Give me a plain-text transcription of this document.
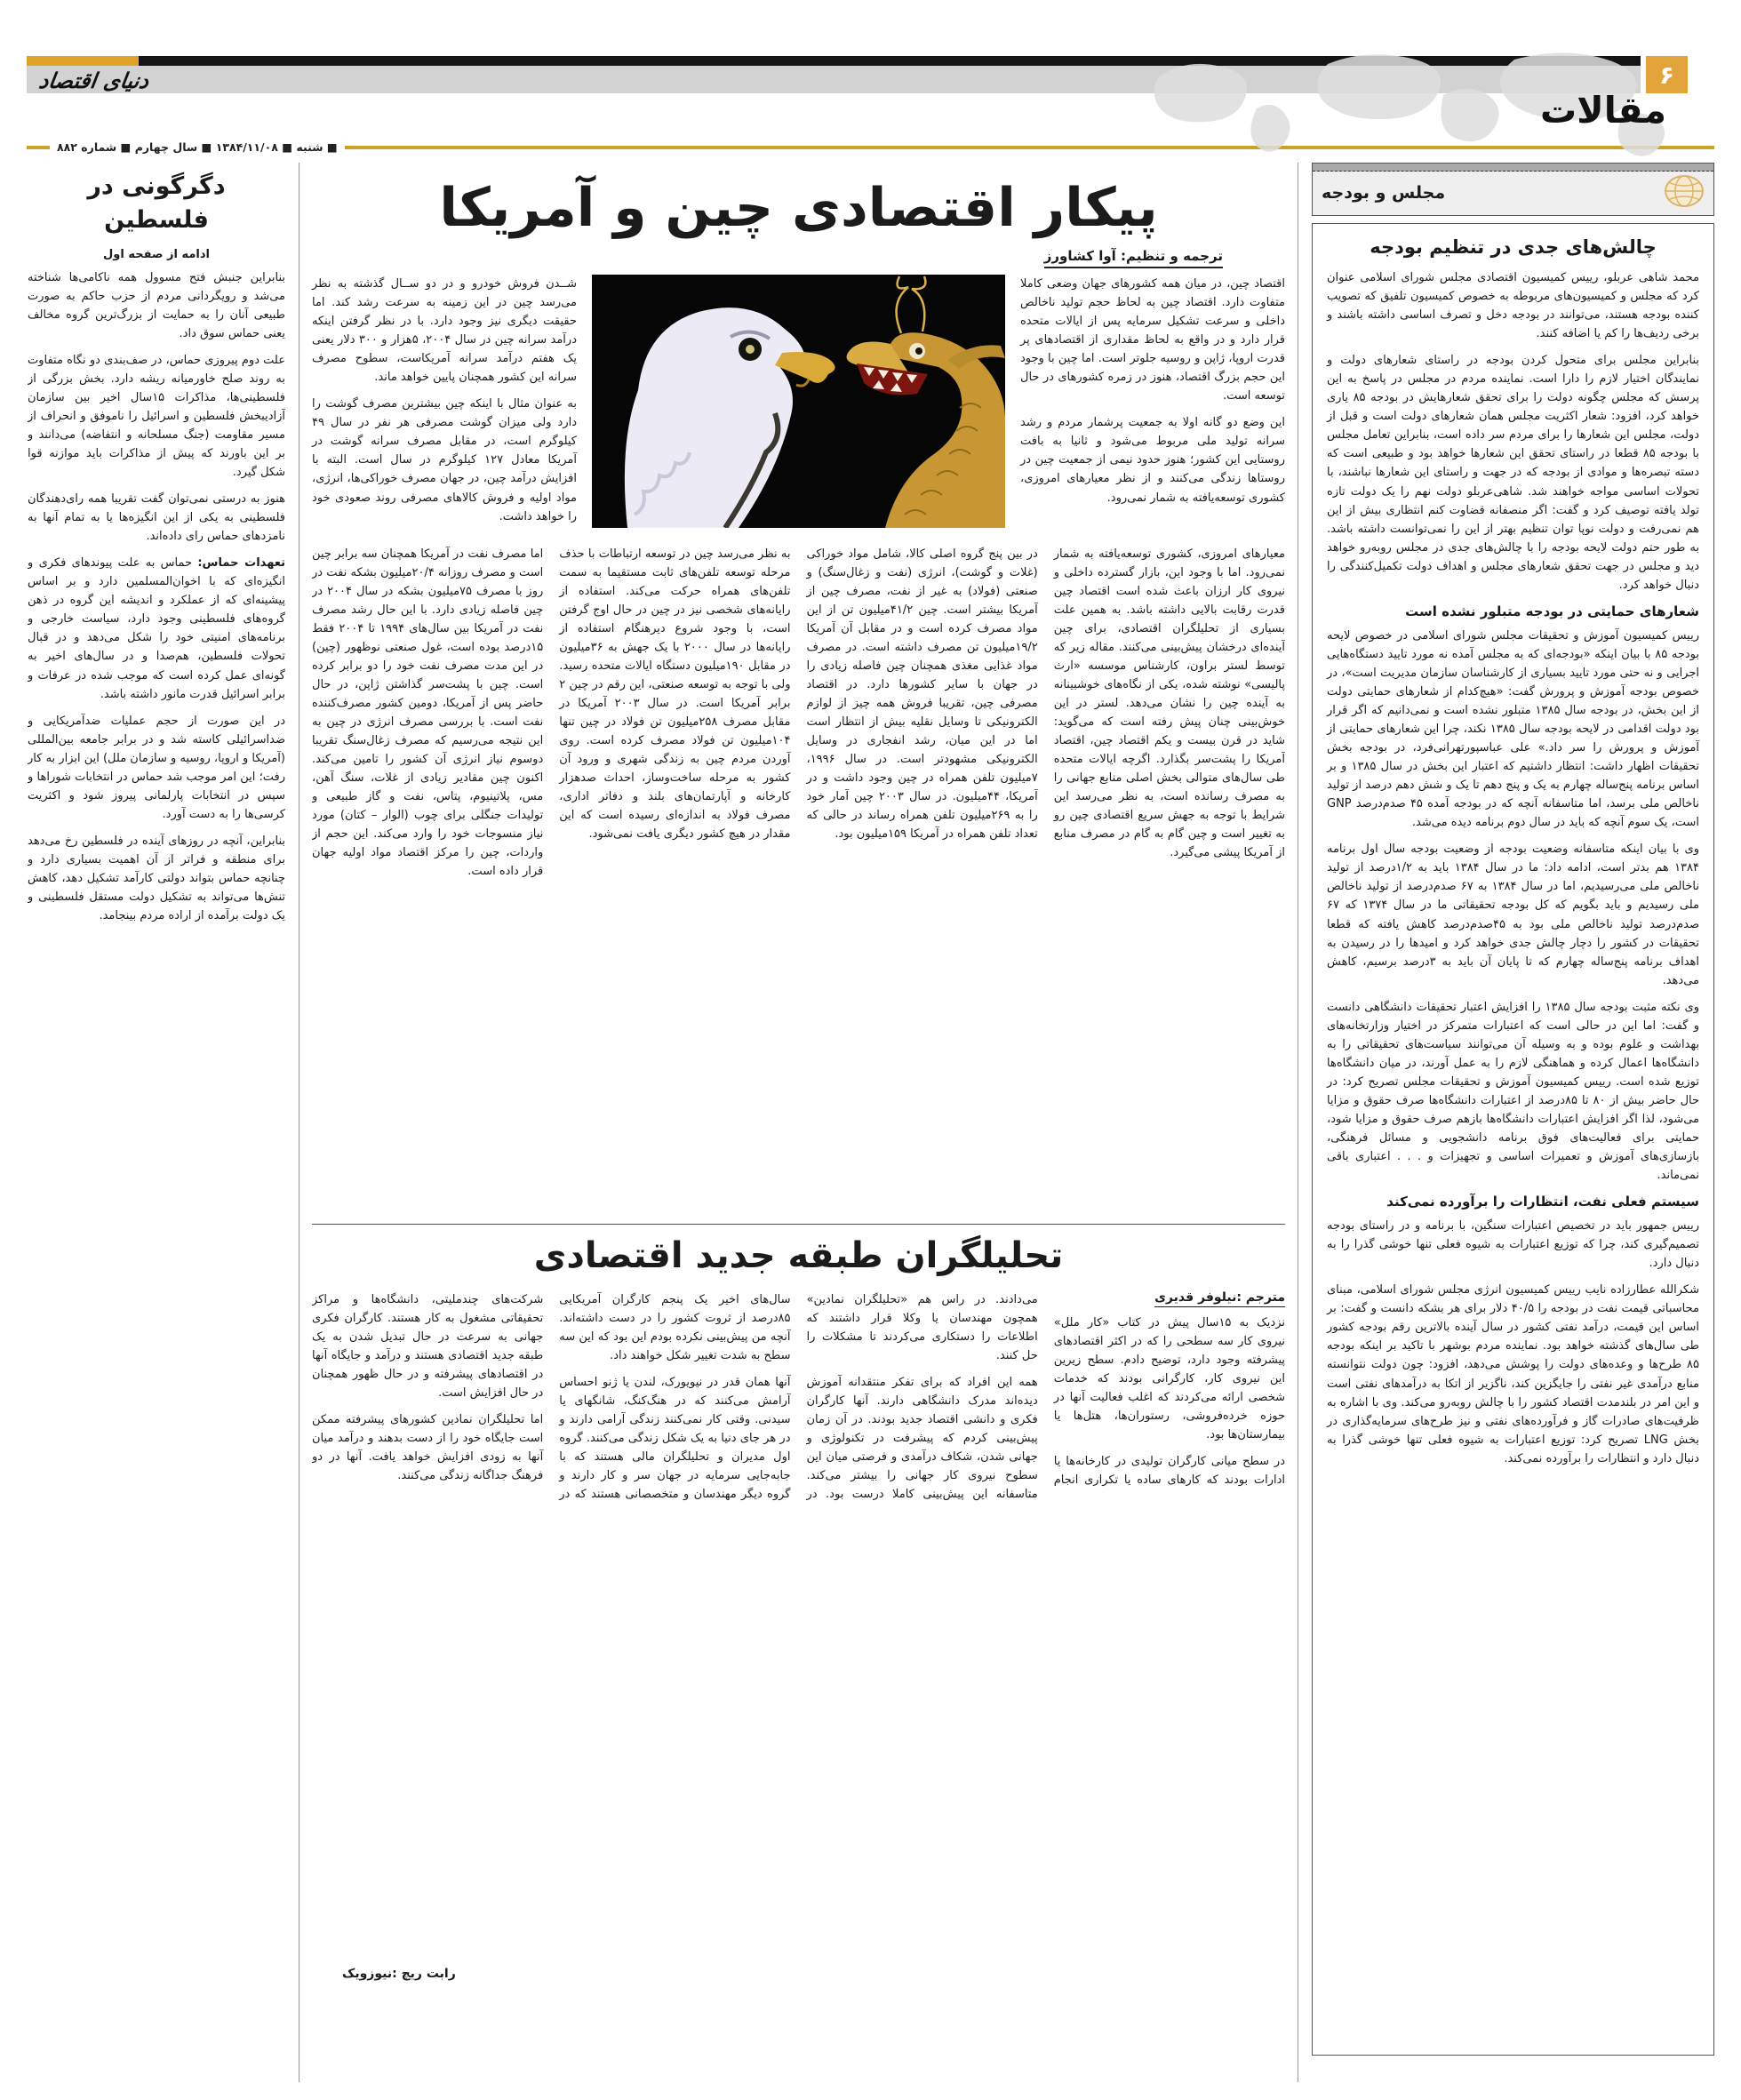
دنیای اقتصاد	۶
مقالات
■ شنبه ■ ۱۳۸۴/۱۱/۰۸ ■ سال چهارم ■ شماره ۸۸۲
مجلس و بودجه
چالش‌های جدی در تنظیم بودجه

محمد شاهی عربلو، رییس کمیسیون اقتصادی مجلس شورای اسلامی عنوان کرد که مجلس و کمیسیون‌های مربوطه به خصوص کمیسیون تلفیق که تصویب کننده بودجه هستند، می‌توانند در بودجه دخل و تصرف اساسی داشته باشند و برخی ردیف‌ها را کم یا اضافه کنند.

بنابراین مجلس برای متحول کردن بودجه در راستای شعارهای دولت و نمایندگان اختیار لازم را دارا است. نماینده مردم در مجلس در پاسخ به این پرسش که مجلس چگونه دولت را برای تحقق شعارهایش در بودجه ۸۵ یاری خواهد کرد، افزود: شعار اکثریت مجلس همان شعارهای دولت است و قبل از دولت، مجلس این شعارها را برای مردم سر داده است، بنابراین تعامل مجلس با بودجه ۸۵ قطعا در راستای تحقق این شعارها خواهد بود و طبیعی است که دسته تبصره‌ها و موادی از بودجه که در جهت و راستای این شعارها نباشند، با تحولات اساسی مواجه خواهند شد. شاهی‌عربلو دولت نهم را یک دولت تازه تولد یافته توصیف کرد و گفت: اگر منصفانه قضاوت کنم انتظاری بیش از این هم نمی‌رفت و دولت نوپا توان تنظیم بهتر از این را نمی‌توانست داشته باشد. به طور حتم دولت لایحه بودجه را با چالش‌های جدی در مجلس روبه‌رو خواهد دید و مجلس در جهت تحقق شعارهای مجلس و اهداف دولت تکمیل‌کنندگی را دنبال خواهد کرد.

شعارهای حمایتی در بودجه متبلور نشده است

رییس کمیسیون آموزش و تحقیقات مجلس شورای اسلامی در خصوص لایحه بودجه ۸۵ با بیان اینکه «بودجه‌ای که به مجلس آمده نه مورد تایید دستگاه‌هایی اجرایی و نه حتی مورد تایید بسیاری از کارشناسان سازمان مدیریت است»، در خصوص بودجه آموزش و پرورش گفت: «هیچ‌کدام از شعارهای حمایتی دولت از این بخش، در بودجه سال ۱۳۸۵ متبلور نشده است و نمی‌دانیم که اگر قرار بود دولت اقدامی در لایحه بودجه سال ۱۳۸۵ نکند، چرا این شعارهای حمایتی از آموزش و پرورش را سر داد.» علی عباسپورتهرانی‌فرد، در بودجه بخش تحقیقات اظهار داشت: انتظار داشتیم که اعتبار این بخش در سال ۱۳۸۵ و بر اساس برنامه پنج‌ساله چهارم به یک و پنج دهم تا یک و شش دهم درصد از تولید ناخالص ملی برسد، اما متاسفانه آنچه که در بودجه آمده ۴۵ صدم‌درصد GNP است، یک سوم آنچه که باید در سال دوم برنامه دیده می‌شد.

وی با بیان اینکه متاسفانه وضعیت بودجه از وضعیت بودجه سال اول برنامه ۱۳۸۴ هم بدتر است، ادامه داد: ما در سال ۱۳۸۴ باید به ۱/۲درصد از تولید ناخالص ملی می‌رسیدیم، اما در سال ۱۳۸۴ به ۶۷ صدم‌درصد از تولید ناخالص ملی رسیدیم و باید بگویم که کل بودجه تحقیقاتی ما در سال ۱۳۷۴ که ۶۷ صدم‌درصد تولید ناخالص ملی بود به ۴۵صدم‌درصد کاهش یافته که قطعا تحقیقات در کشور را دچار چالش جدی خواهد کرد و امیدها را در رسیدن به اهداف برنامه پنج‌ساله چهارم که تا پایان آن باید به ۳درصد برسیم، کاهش می‌دهد.

وی نکته مثبت بودجه سال ۱۳۸۵ را افزایش اعتبار تحقیقات دانشگاهی دانست و گفت: اما این در حالی است که اعتبارات متمرکز در اختیار وزارتخانه‌های بهداشت و علوم بوده و به وسیله آن می‌توانند سیاست‌های تحقیقاتی را به دانشگاه‌ها اعمال کرده و هماهنگی لازم را به عمل آورند، در میان دانشگاه‌ها توزیع شده است. رییس کمیسیون آموزش و تحقیقات مجلس تصریح کرد: در حال حاضر بیش از ۸۰ تا ۸۵درصد از اعتبارات دانشگاه‌ها صرف حقوق و مزایا می‌شود، لذا اگر افزایش اعتبارات دانشگاه‌ها بازهم صرف حقوق و مزایا شود، حمایتی برای فعالیت‌های فوق برنامه دانشجویی و مسائل فرهنگی، بازسازی‌های آموزش و تعمیرات اساسی و تجهیزات و . . . اعتباری باقی نمی‌ماند.

سیستم فعلی نفت، انتظارات را برآورده نمی‌کند

رییس جمهور باید در تخصیص اعتبارات سنگین، با برنامه و در راستای بودجه تصمیم‌گیری کند، چرا که توزیع اعتبارات به شیوه فعلی تنها خوشی گذرا را به دنبال دارد.

شکرالله عطارزاده نایب رییس کمیسیون انرژی مجلس شورای اسلامی، مبنای محاسباتی قیمت نفت در بودجه را ۴۰/۵ دلار برای هر بشکه دانست و گفت: بر اساس این قیمت، درآمد نفتی کشور در سال آینده بالاترین رقم بودجه کشور طی سال‌های گذشته خواهد بود. نماینده مردم بوشهر با تاکید بر اینکه بودجه ۸۵ طرح‌ها و وعده‌های دولت را پوشش می‌دهد، افزود: چون دولت نتوانسته منابع درآمدی غیر نفتی را جایگزین کند، ناگزیر از اتکا به درآمدهای نفتی است و این امر در بلندمدت اقتصاد کشور را با چالش روبه‌رو می‌کند. وی با اشاره به ظرفیت‌های صادرات گاز و فرآورده‌های نفتی و نیز طرح‌های سرمایه‌گذاری در بخش LNG تصریح کرد: توزیع اعتبارات به شیوه فعلی تنها خوشی گذرا به دنبال دارد و انتظارات را برآورده نمی‌کند.

پیکار اقتصادی چین و آمریکا
ترجمه و تنظیم: آوا کشاورز

اقتصاد چین، در میان همه کشورهای جهان وضعی کاملا متفاوت دارد. اقتصاد چین به لحاظ حجم تولید ناخالص داخلی و سرعت تشکیل سرمایه پس از ایالات متحده قرار دارد و در واقع به لحاظ مقداری از اقتصادهای پر قدرت اروپا، ژاپن و روسیه جلوتر است. اما چین با وجود این حجم بزرگ اقتصاد، هنوز در زمره کشورهای در حال توسعه است.

این وضع دو گانه اولا به جمعیت پرشمار مردم و رشد سرانه تولید ملی مربوط می‌شود و ثانیا به بافت روستایی این کشور؛ هنوز حدود نیمی از جمعیت چین در روستاها زندگی می‌کنند و از نظر معیارهای امروزی، کشوری توسعه‌یافته به شمار نمی‌رود.

شــدن فروش خودرو و در دو ســال گذشته به نظر می‌رسد چین در این زمینه به سرعت رشد کند. اما حقیقت دیگری نیز وجود دارد. با در نظر گرفتن اینکه درآمد سرانه چین در سال ۲۰۰۴، ۵هزار و ۳۰۰ دلار یعنی یک هفتم درآمد سرانه آمریکاست، سطوح مصرف سرانه این کشور همچنان پایین خواهد ماند.

به عنوان مثال با اینکه چین بیشترین مصرف گوشت را دارد ولی میزان گوشت مصرفی هر نفر در سال ۴۹ کیلوگرم است، در مقابل مصرف سرانه گوشت در آمریکا معادل ۱۲۷ کیلوگرم در سال است. البته با افزایش درآمد چین، در جهان مصرف خوراکی‌ها، انرژی، مواد اولیه و فروش کالاهای مصرفی روند صعودی خود را خواهد داشت.

معیارهای امروزی، کشوری توسعه‌یافته به شمار نمی‌رود. اما با وجود این، بازار گسترده داخلی و نیروی کار ارزان باعث شده است اقتصاد چین قدرت رقابت بالایی داشته باشد. به همین علت بسیاری از تحلیلگران اقتصادی، برای چین آینده‌ای درخشان پیش‌بینی می‌کنند. مقاله زیر که توسط لستر براون، کارشناس موسسه «ارث پالیسی» نوشته شده، یکی از نگاه‌های خوشبینانه به آینده چین را نشان می‌دهد. لستر در این خوش‌بینی چنان پیش رفته است که می‌گوید: شاید در قرن بیست و یکم اقتصاد چین، اقتصاد آمریکا را پشت‌سر بگذارد. اگرچه ایالات متحده طی سال‌های متوالی بخش اصلی منابع جهانی را به مصرف رسانده است، به نظر می‌رسد این شرایط با توجه به جهش سریع اقتصادی چین رو به تغییر است و چین گام به گام در مصرف منابع از آمریکا پیشی می‌گیرد.

در بین پنج گروه اصلی کالا، شامل مواد خوراکی (غلات و گوشت)، انرژی (نفت و زغال‌سنگ) و صنعتی (فولاد) به غیر از نفت، مصرف چین از آمریکا بیشتر است. چین ۴۱/۲میلیون تن از این مواد مصرف کرده است و در مقابل آن آمریکا ۱۹/۲میلیون تن مصرف داشته است. در مصرف مواد غذایی مغذی همچنان چین فاصله زیادی را در جهان با سایر کشورها دارد. در اقتصاد مصرفی چین، تقریبا فروش همه چیز از لوازم الکترونیکی تا وسایل نقلیه بیش از انتظار است اما در این میان، رشد انفجاری در وسایل الکترونیکی مشهودتر است. در سال ۱۹۹۶، ۷میلیون تلفن همراه در چین وجود داشت و در آمریکا، ۴۴میلیون. در سال ۲۰۰۳ چین آمار خود را به ۲۶۹میلیون تلفن همراه رساند در حالی که تعداد تلفن همراه در آمریکا ۱۵۹میلیون بود.

به نظر می‌رسد چین در توسعه ارتباطات با حذف مرحله توسعه تلفن‌های ثابت مستقیما به سمت تلفن‌های همراه حرکت می‌کند. استفاده از رایانه‌های شخصی نیز در چین در حال اوج گرفتن است، با وجود شروع دیرهنگام استفاده از رایانه‌ها در سال ۲۰۰۰ با یک جهش به ۳۶میلیون در مقابل ۱۹۰میلیون دستگاه ایالات متحده رسید. ولی با توجه به توسعه صنعتی، این رقم در چین ۲ برابر آمریکا است. در سال ۲۰۰۳ آمریکا در مقابل مصرف ۲۵۸میلیون تن فولاد در چین تنها ۱۰۴میلیون تن فولاد مصرف کرده است. روی آوردن مردم چین به زندگی شهری و ورود آن کشور به مرحله ساخت‌وساز، احداث صدهزار کارخانه و آپارتمان‌های بلند و دفاتر اداری، مصرف فولاد به اندازه‌ای رسیده است که این مقدار در هیچ کشور دیگری یافت نمی‌شود.

اما مصرف نفت در آمریکا همچنان سه برابر چین است و مصرف روزانه ۲۰/۴میلیون بشکه نفت در روز با مصرف ۷۵میلیون بشکه در سال ۲۰۰۴ در چین فاصله زیادی دارد. با این حال رشد مصرف نفت در آمریکا بین سال‌های ۱۹۹۴ تا ۲۰۰۴ فقط ۱۵درصد بوده است، غول صنعتی نوظهور (چین) در این مدت مصرف نفت خود را دو برابر کرده است. چین با پشت‌سر گذاشتن ژاپن، در حال حاضر پس از آمریکا، دومین کشور مصرف‌کننده نفت است. با بررسی مصرف انرژی در چین به این نتیجه می‌رسیم که مصرف زغال‌سنگ تقریبا دوسوم نیاز انرژی آن کشور را تامین می‌کند. اکنون چین مقادیر زیادی از غلات، سنگ آهن، مس، پلاتینیوم، پتاس، نفت و گاز طبیعی و تولیدات جنگلی برای چوب (الوار – کتان) مورد نیاز منسوجات خود را وارد می‌کند. این حجم از واردات، چین را مرکز اقتصاد مواد اولیه جهان قرار داده است.

تحلیلگران طبقه جدید اقتصادی
مترجم :نیلوفر قدیری

نزدیک به ۱۵سال پیش در کتاب «کار ملل» نیروی کار سه سطحی را که در اکثر اقتصادهای پیشرفته وجود دارد، توضیح دادم. سطح زیرین این نیروی کار، کارگرانی بودند که خدمات شخصی ارائه می‌کردند که اغلب فعالیت آنها در حوزه خرده‌فروشی، رستوران‌ها، هتل‌ها یا بیمارستان‌ها بود.

در سطح میانی کارگران تولیدی در کارخانه‌ها یا ادارات بودند که کارهای ساده یا تکراری انجام می‌دادند. در راس هم «تحلیلگران نمادین» همچون مهندسان یا وکلا قرار داشتند که اطلاعات را دستکاری می‌کردند تا مشکلات را حل کنند.

همه این افراد که برای تفکر منتقدانه آموزش دیده‌اند مدرک دانشگاهی دارند. آنها کارگران فکری و دانشی اقتصاد جدید بودند. در آن زمان پیش‌بینی کردم که پیشرفت در تکنولوژی و جهانی شدن، شکاف درآمدی و فرصتی میان این سطوح نیروی کار جهانی را بیشتر می‌کند. متاسفانه این پیش‌بینی کاملا درست بود. در سال‌های اخیر یک پنجم کارگران آمریکایی ۸۵درصد از ثروت کشور را در دست داشته‌اند. آنچه من پیش‌بینی نکرده بودم این بود که این سه سطح به شدت تغییر شکل خواهند داد.

آنها همان قدر در نیویورک، لندن یا ژنو احساس آرامش می‌کنند که در هنگ‌کنگ، شانگهای یا سیدنی. وقتی کار نمی‌کنند زندگی آرامی دارند و در هر جای دنیا به یک شکل زندگی می‌کنند. گروه اول مدیران و تحلیلگران مالی هستند که با جابه‌جایی سرمایه در جهان سر و کار دارند و گروه دیگر مهندسان و متخصصانی هستند که در شرکت‌های چندملیتی، دانشگاه‌ها و مراکز تحقیقاتی مشغول به کار هستند. کارگران فکری جهانی به سرعت در حال تبدیل شدن به یک طبقه جدید اقتصادی هستند و درآمد و جایگاه آنها در اقتصادهای پیشرفته و در حال ظهور همچنان در حال افزایش است.

اما تحلیلگران نمادین کشورهای پیشرفته ممکن است جایگاه خود را از دست بدهند و درآمد میان آنها به زودی افزایش خواهد یافت. آنها در دو فرهنگ جداگانه زندگی می‌کنند.

رابت ریچ :نیوزویک
دگرگونی در فلسطین
ادامه از صفحه اول

بنابراین جنبش فتح مسوول همه ناکامی‌ها شناخته می‌شد و رویگردانی مردم از حزب حاکم به صورت طبیعی آنان را به حمایت از بزرگ‌ترین گروه مخالف یعنی حماس سوق داد.

علت دوم پیروزی حماس، در صف‌بندی دو نگاه متفاوت به روند صلح خاورمیانه ریشه دارد. بخش بزرگی از فلسطینی‌ها، مذاکرات ۱۵سال اخیر بین سازمان آزادیبخش فلسطین و اسرائیل را ناموفق و انحراف از مسیر مقاومت (جنگ مسلحانه و انتفاضه) می‌دانند و بر این باورند که پیش از مذاکرات باید موازنه قوا شکل گیرد.

هنوز به درستی نمی‌توان گفت تقریبا همه رای‌دهندگان فلسطینی به یکی از این انگیزه‌ها یا به تمام آنها به نامزدهای حماس رای داده‌اند.

تعهدات حماس: حماس به علت پیوندهای فکری و انگیزه‌ای که با اخوان‌المسلمین دارد و بر اساس پیشینه‌ای که از عملکرد و اندیشه این گروه در ذهن گروه‌های فلسطینی وجود دارد، سیاست خارجی و برنامه‌های امنیتی خود را شکل می‌دهد و در قبال تحولات فلسطین، هم‌صدا و در سال‌های اخیر به گونه‌ای عمل کرده است که موجب شده در عرفات و برابر اسرائیل قدرت مانور داشته باشد.

در این صورت از حجم عملیات ضدآمریکایی و ضداسرائیلی کاسته شد و در برابر جامعه بین‌المللی (آمریکا و اروپا، روسیه و سازمان ملل) این ابزار به کار رفت؛ این امر موجب شد حماس در انتخابات شوراها و سپس در انتخابات پارلمانی پیروز شود و اکثریت کرسی‌ها را به دست آورد.

بنابراین، آنچه در روزهای آینده در فلسطین رخ می‌دهد برای منطقه و فراتر از آن اهمیت بسیاری دارد و چنانچه حماس بتواند دولتی کارآمد تشکیل دهد، کاهش تنش‌ها می‌تواند به تشکیل دولت مستقل فلسطینی و یک دولت برآمده از اراده مردم بینجامد.
